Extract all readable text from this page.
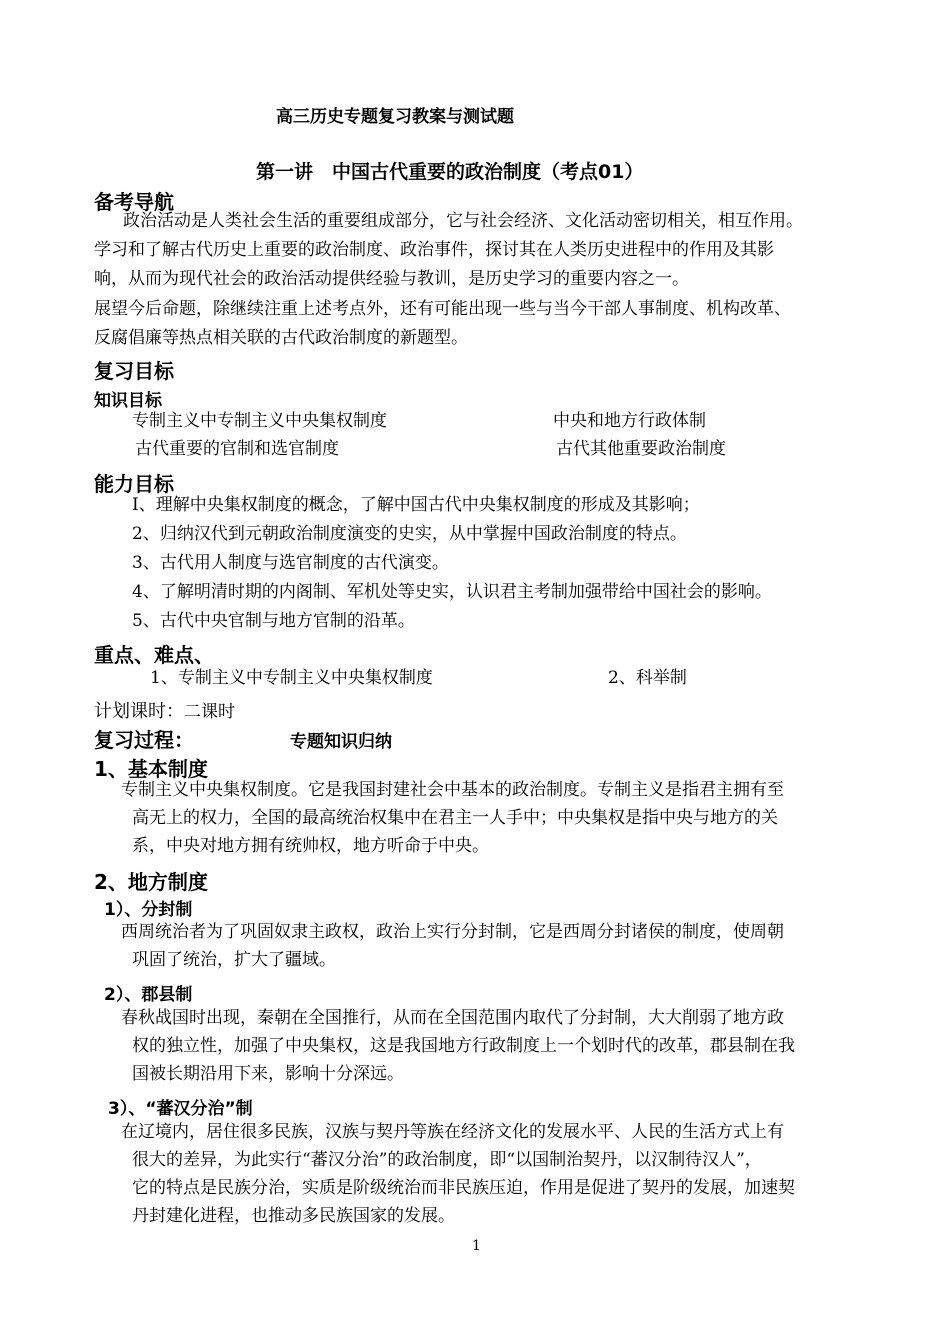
高三历史专题复习教案与测试题
第一讲　中国古代重要的政治制度（考点01）
备考导航
政治活动是人类社会生活的重要组成部分，它与社会经济、文化活动密切相关，相互作用。
学习和了解古代历史上重要的政治制度、政治事件，探讨其在人类历史进程中的作用及其影
响，从而为现代社会的政治活动提供经验与教训，是历史学习的重要内容之一。
展望今后命题，除继续注重上述考点外，还有可能出现一些与当今干部人事制度、机构改革、
反腐倡廉等热点相关联的古代政治制度的新题型。
复习目标
知识目标
专制主义中专制主义中央集权制度	中央和地方行政体制
古代重要的官制和选官制度	古代其他重要政治制度
能力目标
I、理解中央集权制度的概念，了解中国古代中央集权制度的形成及其影响；
2、归纳汉代到元朝政治制度演变的史实，从中掌握中国政治制度的特点。
3、古代用人制度与选官制度的古代演变。
4、了解明清时期的内阁制、军机处等史实，认识君主考制加强带给中国社会的影响。
5、古代中央官制与地方官制的沿革。
重点、难点、
1、专制主义中专制主义中央集权制度	2、科举制
计划课时：二课时
复习过程：	专题知识归纳
1、基本制度
专制主义中央集权制度。它是我国封建社会中基本的政治制度。专制主义是指君主拥有至
高无上的权力，全国的最高统治权集中在君主一人手中；中央集权是指中央与地方的关
系，中央对地方拥有统帅权，地方听命于中央。
2、地方制度
1）、分封制
西周统治者为了巩固奴隶主政权，政治上实行分封制，它是西周分封诸侯的制度，使周朝
巩固了统治，扩大了疆域。
2）、郡县制
春秋战国时出现，秦朝在全国推行，从而在全国范围内取代了分封制，大大削弱了地方政
权的独立性，加强了中央集权，这是我国地方行政制度上一个划时代的改革，郡县制在我
国被长期沿用下来，影响十分深远。
3）、“蕃汉分治”制
在辽境内，居住很多民族，汉族与契丹等族在经济文化的发展水平、人民的生活方式上有
很大的差异，为此实行“蕃汉分治”的政治制度，即“以国制治契丹，以汉制待汉人”，
它的特点是民族分治，实质是阶级统治而非民族压迫，作用是促进了契丹的发展，加速契
丹封建化进程，也推动多民族国家的发展。
1
